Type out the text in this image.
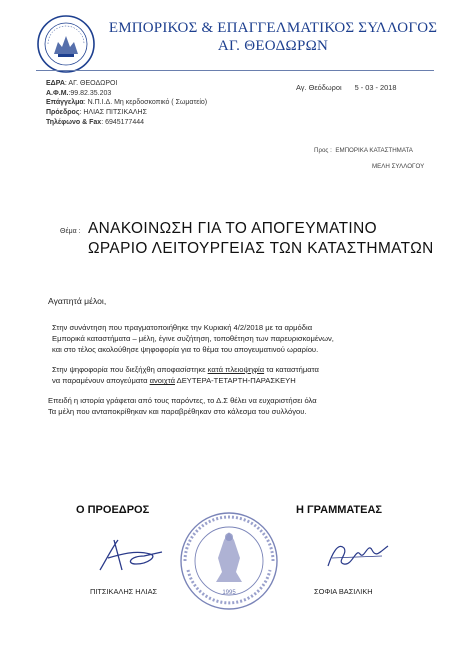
ΕΜΠΟΡΙΚΟΣ & ΕΠΑΓΓΕΛΜΑΤΙΚΟΣ ΣΥΛΛΟΓΟΣ
ΑΓ. ΘΕΟΔΩΡΩΝ
ΕΔΡΑ: ΑΓ. ΘΕΟΔΩΡΟΙ
Α.Φ.Μ.:99.82.35.203
Επάγγελμα: Ν.Π.Ι.Δ. Μη κερδοσκοπικό ( Σωματείο)
Πρόεδρος: ΗΛΙΑΣ ΠΙΤΣΙΚΑΛΗΣ
Τηλέφωνο & Fax: 6945177444
Αγ. Θεόδωροι 5 - 03 - 2018
Προς : ΕΜΠΟΡΙΚΑ ΚΑΤΑΣΤΗΜΑΤΑ
ΜΕΛΗ ΣΥΛΛΟΓΟΥ
Θέμα : ΑΝΑΚΟΙΝΩΣΗ ΓΙΑ ΤΟ ΑΠΟΓΕΥΜΑΤΙΝΟ
ΩΡΑΡΙΟ ΛΕΙΤΟΥΡΓΕΙΑΣ ΤΩΝ ΚΑΤΑΣΤΗΜΑΤΩΝ
Αγαπητά μέλοι,
Στην συνάντηση που πραγματοποιήθηκε την Κυριακή 4/2/2018 με τα αρμόδια
Εμπορικά καταστήματα – μέλη, έγινε συζήτηση, τοποθέτηση των παρευρισκομένων,
και στο τέλος ακολούθησε ψηφοφορία για το θέμα του απογευματινού ωραρίου.
Στην ψηφοφορία που διεξήχθη αποφασίστηκε κατά πλειοψηφία τα καταστήματα
να παραμένουν απογεύματα ανοιχτά ΔΕΥΤΕΡΑ-ΤΕΤΑΡΤΗ-ΠΑΡΑΣΚΕΥΗ
Επειδή η ιστορία γράφεται από τους παρόντες, το Δ.Σ θέλει να ευχαριστήσει όλα
Τα μέλη που ανταποκρίθηκαν και παραβρέθηκαν στο κάλεσμα του συλλόγου.
Ο ΠΡΟΕΔΡΟΣ	Η ΓΡΑΜΜΑΤΕΑΣ
1995
ΠΙΤΣΙΚΑΛΗΣ ΗΛΙΑΣ	ΣΟΦΙΑ ΒΑΣΙΛΙΚΗ
